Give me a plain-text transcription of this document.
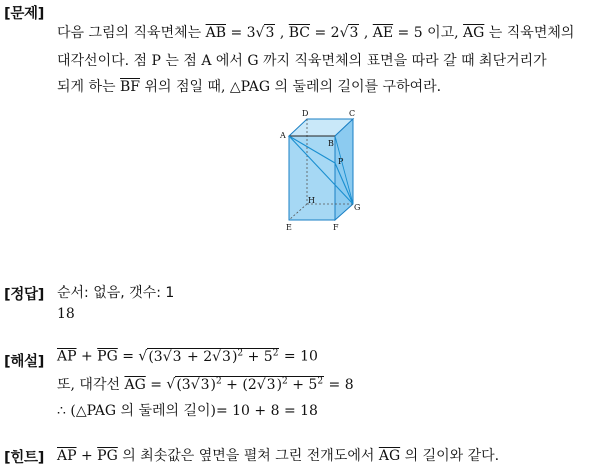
[문제]
다음 그림의 직육면체는 $\overline{AB} = 3√3$ , $\overline{BC} = 2√3$ , $\overline{AE} = 5$ 이고, $\overline{AG}$ 는 직육면체의
대각선이다. 점 P 는 점 A 에서 G 까지 직육면체의 표면을 따라 갈 때 최단거리가
되게 하는 $\overline{BF}$ 위의 점일 때, △PAG 의 둘레의 길이를 구하여라.
D	C
A
B
P
H
G
E	F
[정답] 순서: 없음, 갯수: 1
18
[해설] $\overline{AP} + \overline{PG} = √(3√3 + 2√3)^2 + 5^2 = 10$
또, 대각선 $\overline{AG} = √(3√3)^2 + (2√3)^2 + 5^2 = 8$
∴ (△PAG 의 둘레의 길이)= 10 + 8 = 18
[힌트] $\overline{AP} + \overline{PG}$ 의 최솟값은 옆면을 펼쳐 그린 전개도에서 $\overline{AG}$ 의 길이와 같다.
